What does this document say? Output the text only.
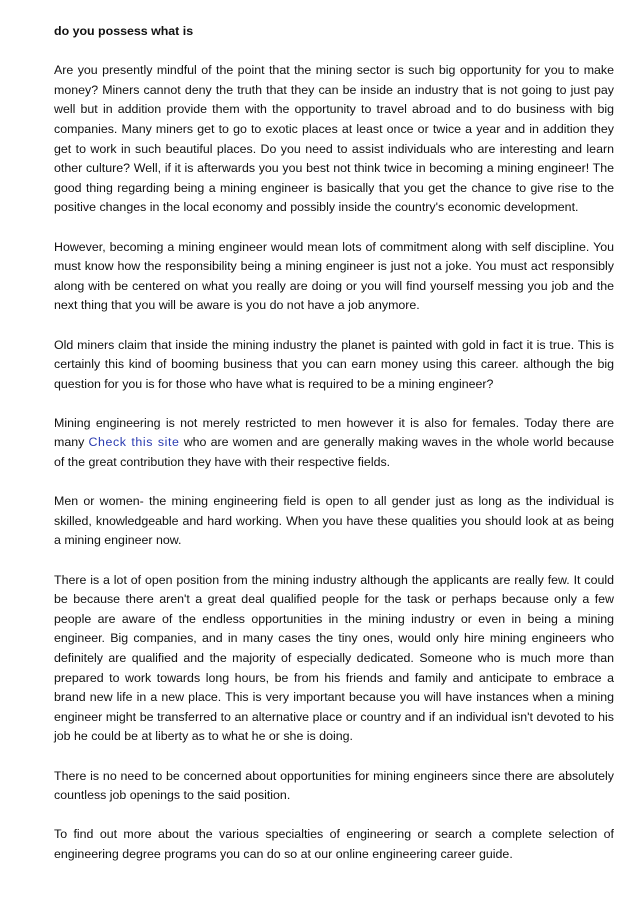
do you possess what is

Are you presently mindful of the point that the mining sector is such big opportunity for you to make money? Miners cannot deny the truth that they can be inside an industry that is not going to just pay well but in addition provide them with the opportunity to travel abroad and to do business with big companies. Many miners get to go to exotic places at least once or twice a year and in addition they get to work in such beautiful places. Do you need to assist individuals who are interesting and learn other culture? Well, if it is afterwards you you best not think twice in becoming a mining engineer! The good thing regarding being a mining engineer is basically that you get the chance to give rise to the positive changes in the local economy and possibly inside the country's economic development.

However, becoming a mining engineer would mean lots of commitment along with self discipline. You must know how the responsibility being a mining engineer is just not a joke. You must act responsibly along with be centered on what you really are doing or you will find yourself messing you job and the next thing that you will be aware is you do not have a job anymore.

Old miners claim that inside the mining industry the planet is painted with gold in fact it is true. This is certainly this kind of booming business that you can earn money using this career. although the big question for you is for those who have what is required to be a mining engineer?

Mining engineering is not merely restricted to men however it is also for females. Today there are many Check this site who are women and are generally making waves in the whole world because of the great contribution they have with their respective fields.

Men or women- the mining engineering field is open to all gender just as long as the individual is skilled, knowledgeable and hard working. When you have these qualities you should look at as being a mining engineer now.

There is a lot of open position from the mining industry although the applicants are really few. It could be because there aren't a great deal qualified people for the task or perhaps because only a few people are aware of the endless opportunities in the mining industry or even in being a mining engineer. Big companies, and in many cases the tiny ones, would only hire mining engineers who definitely are qualified and the majority of especially dedicated. Someone who is much more than prepared to work towards long hours, be from his friends and family and anticipate to embrace a brand new life in a new place. This is very important because you will have instances when a mining engineer might be transferred to an alternative place or country and if an individual isn't devoted to his job he could be at liberty as to what he or she is doing.

There is no need to be concerned about opportunities for mining engineers since there are absolutely countless job openings to the said position.

To find out more about the various specialties of engineering or search a complete selection of engineering degree programs you can do so at our online engineering career guide.
